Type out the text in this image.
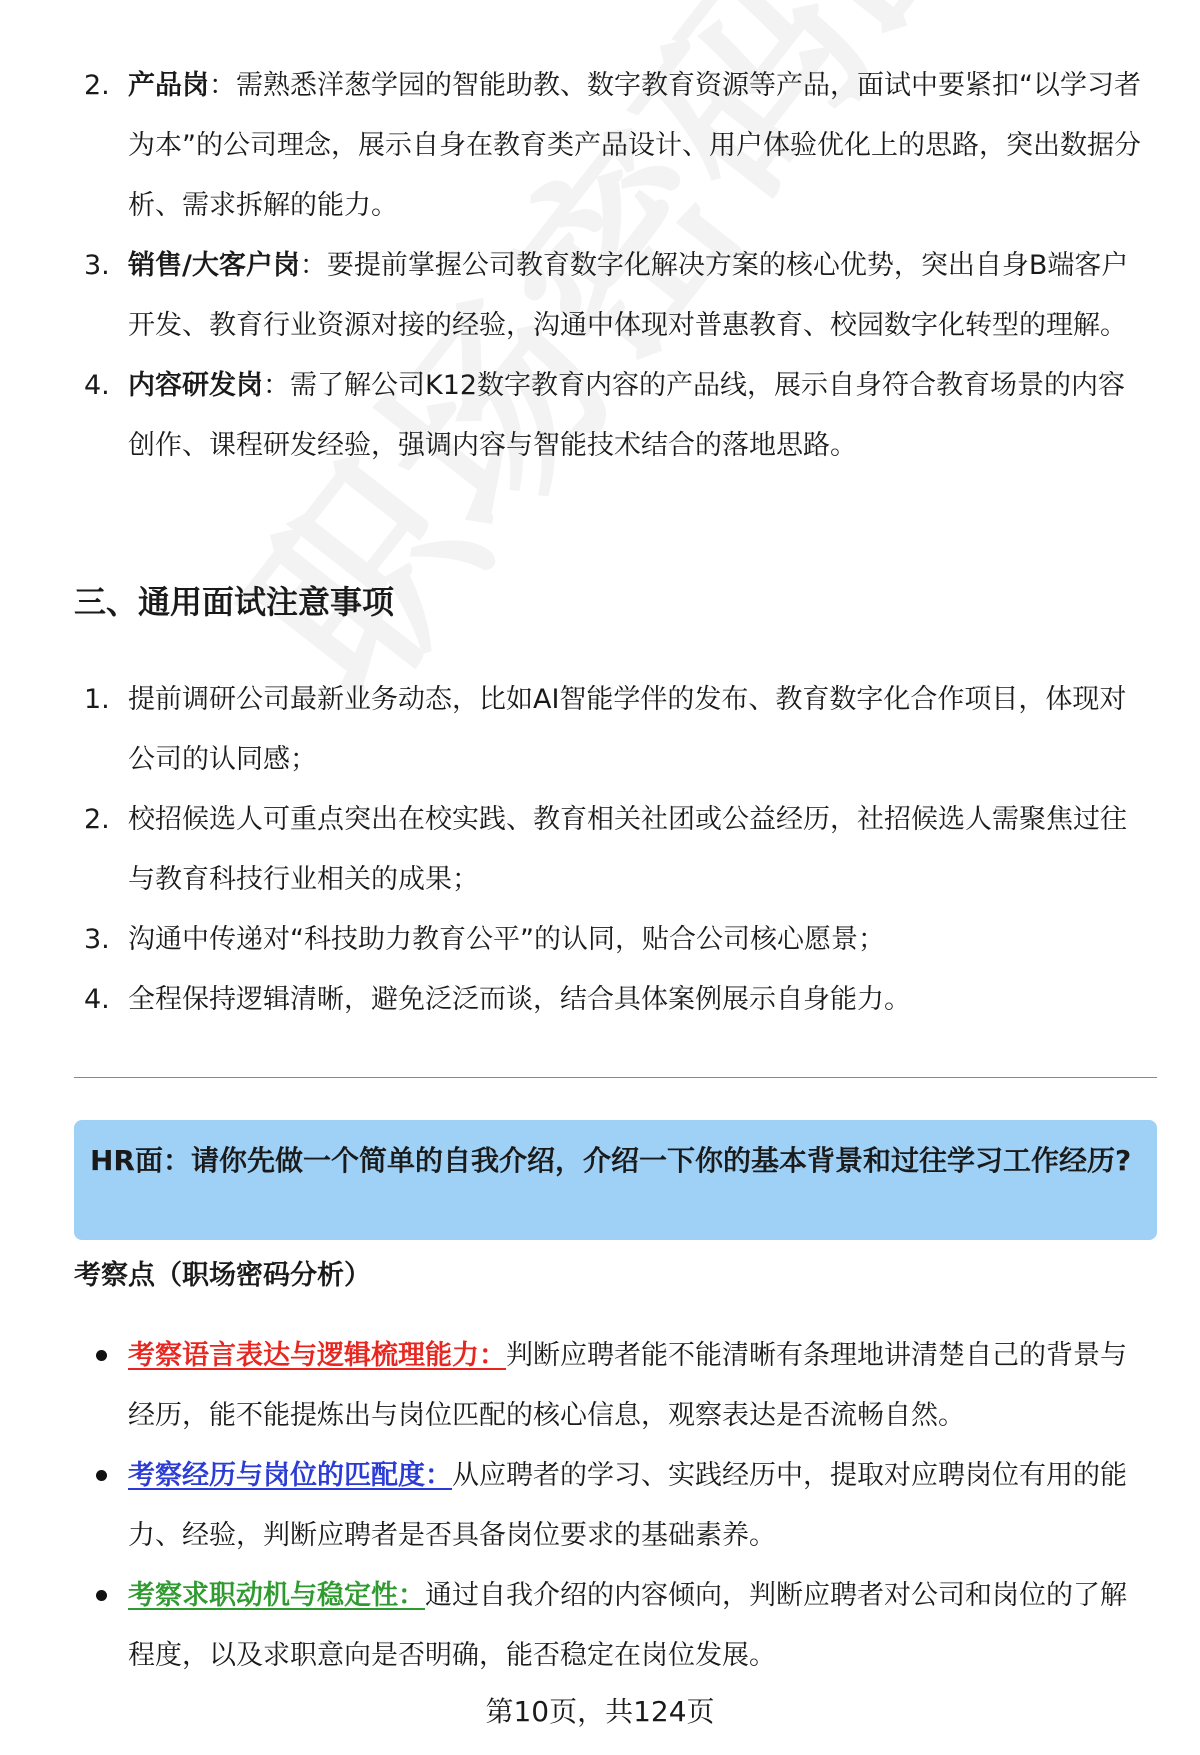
2. 产品岗：需熟悉洋葱学园的智能助教、数字教育资源等产品，面试中要紧扣“以学习者为本”的公司理念，展示自身在教育类产品设计、用户体验优化上的思路，突出数据分析、需求拆解的能力。
3. 销售/大客户岗：要提前掌握公司教育数字化解决方案的核心优势，突出自身B端客户开发、教育行业资源对接的经验，沟通中体现对普惠教育、校园数字化转型的理解。
4. 内容研发岗：需了解公司K12数字教育内容的产品线，展示自身符合教育场景的内容创作、课程研发经验，强调内容与智能技术结合的落地思路。
三、通用面试注意事项
1. 提前调研公司最新业务动态，比如AI智能学伴的发布、教育数字化合作项目，体现对公司的认同感；
2. 校招候选人可重点突出在校实践、教育相关社团或公益经历，社招候选人需聚焦过往与教育科技行业相关的成果；
3. 沟通中传递对“科技助力教育公平”的认同，贴合公司核心愿景；
4. 全程保持逻辑清晰，避免泛泛而谈，结合具体案例展示自身能力。

HR面：请你先做一个简单的自我介绍，介绍一下你的基本背景和过往学习工作经历?

考察点（职场密码分析）
考察语言表达与逻辑梳理能力：判断应聘者能不能清晰有条理地讲清楚自己的背景与经历，能不能提炼出与岗位匹配的核心信息，观察表达是否流畅自然。
考察经历与岗位的匹配度：从应聘者的学习、实践经历中，提取对应聘岗位有用的能力、经验，判断应聘者是否具备岗位要求的基础素养。
考察求职动机与稳定性：通过自我介绍的内容倾向，判断应聘者对公司和岗位的了解程度，以及求职意向是否明确，能否稳定在岗位发展。

第10页，共124页
